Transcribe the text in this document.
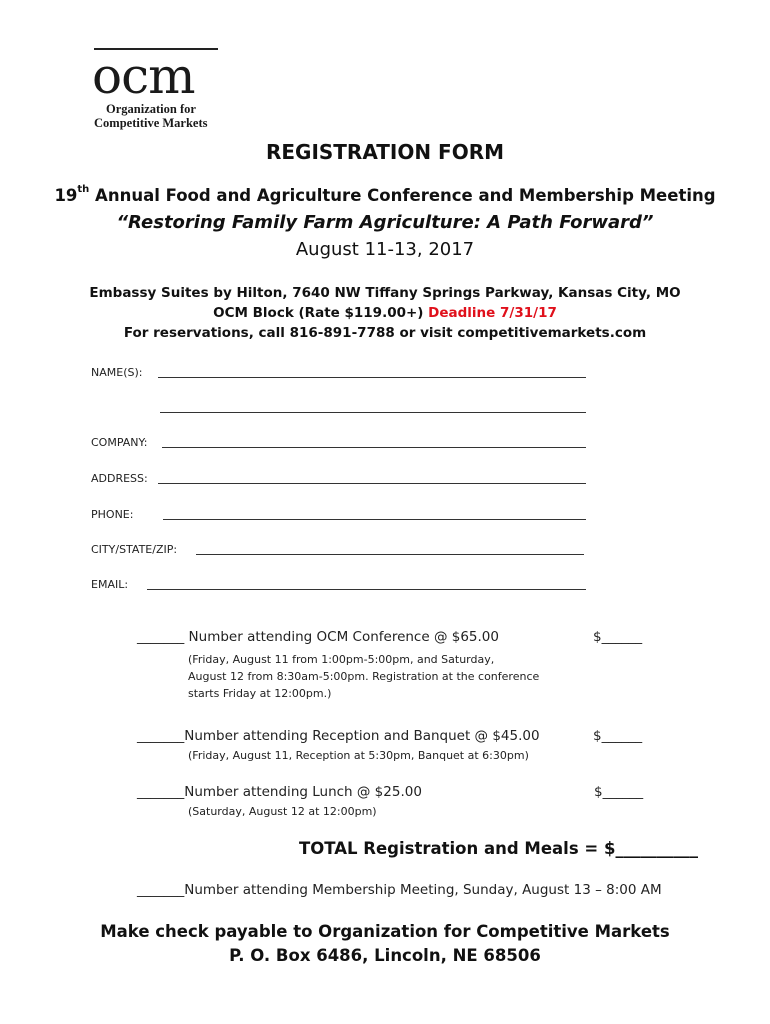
ocm
Organization for
Competitive Markets
REGISTRATION FORM
19th Annual Food and Agriculture Conference and Membership Meeting
“Restoring Family Farm Agriculture: A Path Forward”
August 11-13, 2017
Embassy Suites by Hilton, 7640 NW Tiffany Springs Parkway, Kansas City, MO
OCM Block (Rate $119.00+) Deadline 7/31/17
For reservations, call 816-891-7788 or visit competitivemarkets.com
NAME(S):
COMPANY:
ADDRESS:
PHONE:
CITY/STATE/ZIP:
EMAIL:
_______ Number attending OCM Conference @ $65.00	$______
(Friday, August 11 from 1:00pm-5:00pm, and Saturday,
August 12 from 8:30am-5:00pm. Registration at the conference
starts Friday at 12:00pm.)
_______Number attending Reception and Banquet @ $45.00	$______
(Friday, August 11, Reception at 5:30pm, Banquet at 6:30pm)
_______Number attending Lunch @ $25.00	$______
(Saturday, August 12 at 12:00pm)
TOTAL Registration and Meals = $__________
_______Number attending Membership Meeting, Sunday, August 13 – 8:00 AM
Make check payable to Organization for Competitive Markets
P. O. Box 6486, Lincoln, NE 68506
